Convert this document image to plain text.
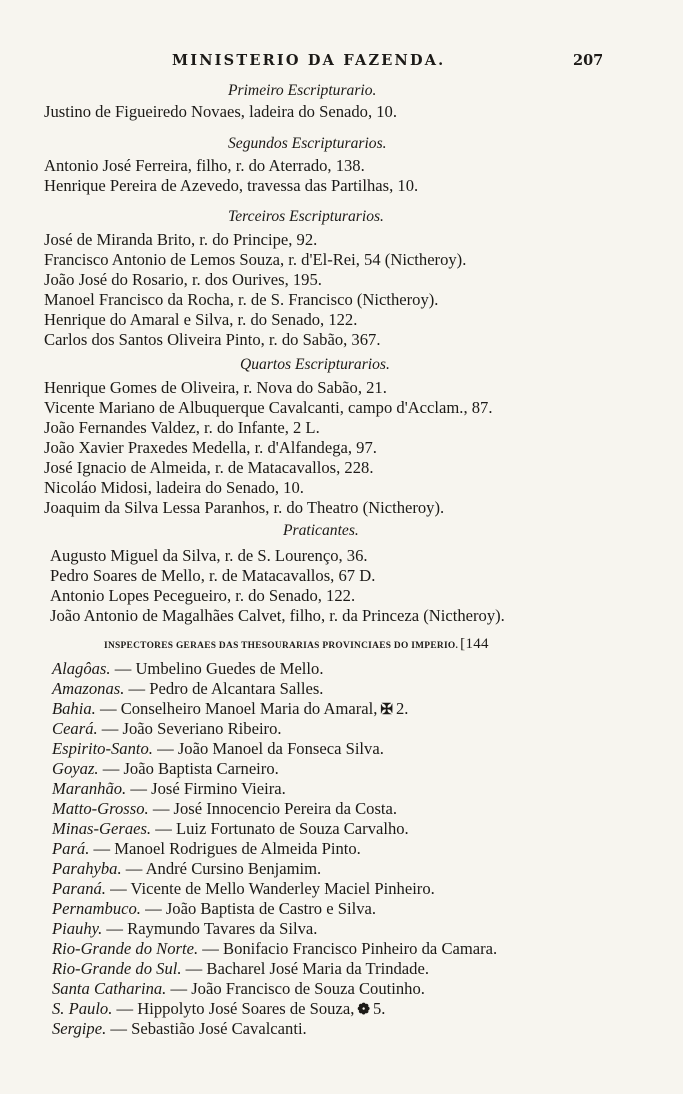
MINISTERIO DA FAZENDA.	207
Primeiro Escripturario.
Justino de Figueiredo Novaes, ladeira do Senado, 10.
Segundos Escripturarios.
Antonio José Ferreira, filho, r. do Aterrado, 138.
Henrique Pereira de Azevedo, travessa das Partilhas, 10.
Terceiros Escripturarios.
José de Miranda Brito, r. do Principe, 92.
Francisco Antonio de Lemos Souza, r. d'El-Rei, 54 (Nictheroy).
João José do Rosario, r. dos Ourives, 195.
Manoel Francisco da Rocha, r. de S. Francisco (Nictheroy).
Henrique do Amaral e Silva, r. do Senado, 122.
Carlos dos Santos Oliveira Pinto, r. do Sabão, 367.
Quartos Escripturarios.
Henrique Gomes de Oliveira, r. Nova do Sabão, 21.
Vicente Mariano de Albuquerque Cavalcanti, campo d'Acclam., 87.
João Fernandes Valdez, r. do Infante, 2 L.
João Xavier Praxedes Medella, r. d'Alfandega, 97.
José Ignacio de Almeida, r. de Matacavallos, 228.
Nicoláo Midosi, ladeira do Senado, 10.
Joaquim da Silva Lessa Paranhos, r. do Theatro (Nictheroy).
Praticantes.
Augusto Miguel da Silva, r. de S. Lourenço, 36.
Pedro Soares de Mello, r. de Matacavallos, 67 D.
Antonio Lopes Pecegueiro, r. do Senado, 122.
João Antonio de Magalhães Calvet, filho, r. da Princeza (Nictheroy).
INSPECTORES GERAES DAS THESOURARIAS PROVINCIAES DO IMPERIO. [144
Alagôas. — Umbelino Guedes de Mello.
Amazonas. — Pedro de Alcantara Salles.
Bahia. — Conselheiro Manoel Maria do Amaral, ✠ 2.
Ceará. — João Severiano Ribeiro.
Espirito-Santo. — João Manoel da Fonseca Silva.
Goyaz. — João Baptista Carneiro.
Maranhão. — José Firmino Vieira.
Matto-Grosso. — José Innocencio Pereira da Costa.
Minas-Geraes. — Luiz Fortunato de Souza Carvalho.
Pará. — Manoel Rodrigues de Almeida Pinto.
Parahyba. — André Cursino Benjamim.
Paraná. — Vicente de Mello Wanderley Maciel Pinheiro.
Pernambuco. — João Baptista de Castro e Silva.
Piauhy. — Raymundo Tavares da Silva.
Rio-Grande do Norte. — Bonifacio Francisco Pinheiro da Camara.
Rio-Grande do Sul. — Bacharel José Maria da Trindade.
Santa Catharina. — João Francisco de Souza Coutinho.
S. Paulo. — Hippolyto José Soares de Souza, ❁ 5.
Sergipe. — Sebastião José Cavalcanti.
